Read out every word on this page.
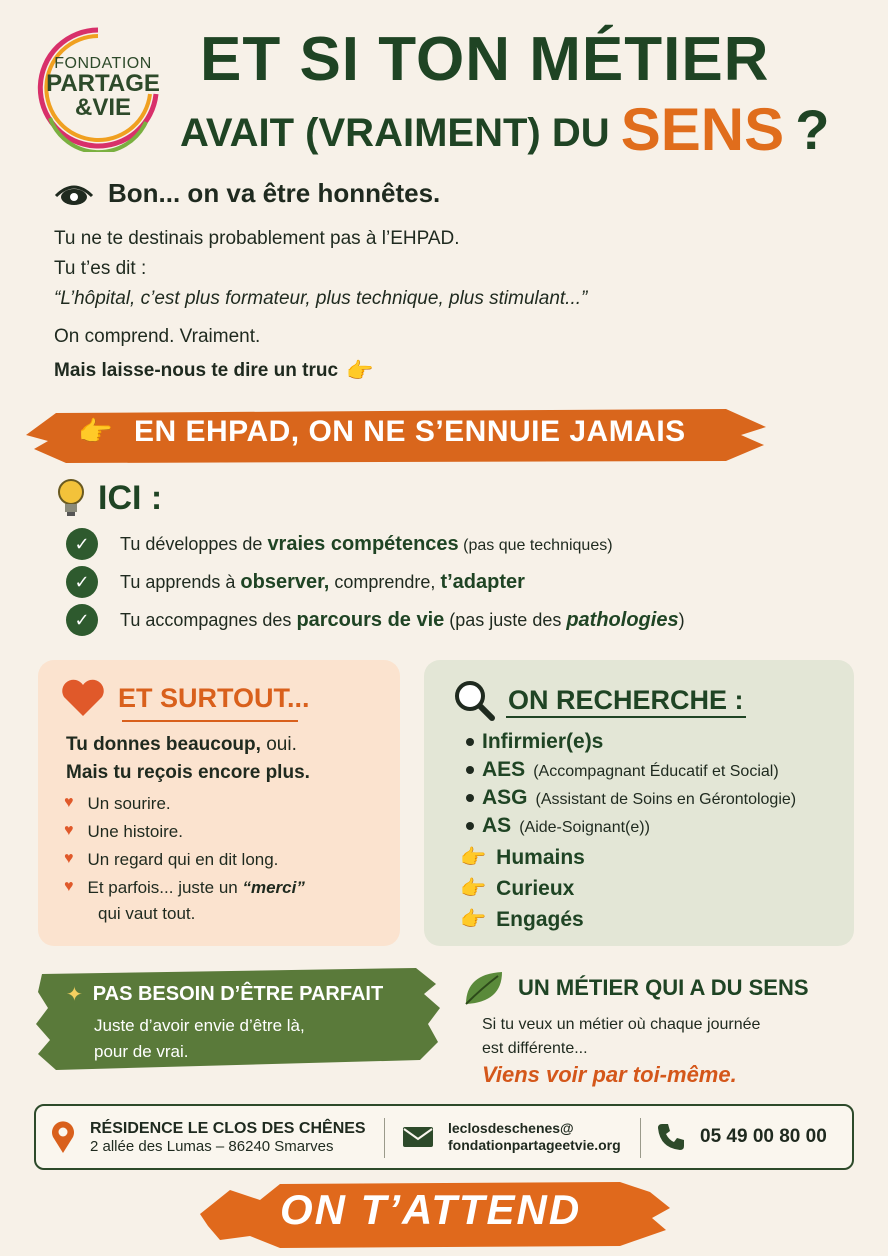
FONDATION
PARTAGE
&VIE
ET SI TON MÉTIER
AVAIT (VRAIMENT) DU SENS ?
Bon... on va être honnêtes.
Tu ne te destinais probablement pas à l’EHPAD.
Tu t’es dit :
“L’hôpital, c’est plus formateur, plus technique, plus stimulant...”
On comprend. Vraiment.
Mais laisse-nous te dire un truc 👉
👉 EN EHPAD, ON NE S’ENNUIE JAMAIS
ICI :
✓	Tu développes de vraies compétences (pas que techniques)
✓	Tu apprends à observer, comprendre, t’adapter
✓	Tu accompagnes des parcours de vie (pas juste des pathologies)
ET SURTOUT...
Tu donnes beaucoup, oui.
Mais tu reçois encore plus.
♥ Un sourire.
♥ Une histoire.
♥ Un regard qui en dit long.
♥ Et parfois... juste un “merci”
qui vaut tout.
ON RECHERCHE :
Infirmier(e)s
AES (Accompagnant Éducatif et Social)
ASG (Assistant de Soins en Gérontologie)
AS (Aide-Soignant(e))
👉 Humains
👉 Curieux
👉 Engagés
✦ PAS BESOIN D’ÊTRE PARFAIT
Juste d’avoir envie d’être là,
pour de vrai.
UN MÉTIER QUI A DU SENS
Si tu veux un métier où chaque journée
est différente...
Viens voir par toi-même.
RÉSIDENCE LE CLOS DES CHÊNES
2 allée des Lumas – 86240 Smarves
leclosdeschenes@
fondationpartageetvie.org	05 49 00 80 00
ON T’ATTEND
